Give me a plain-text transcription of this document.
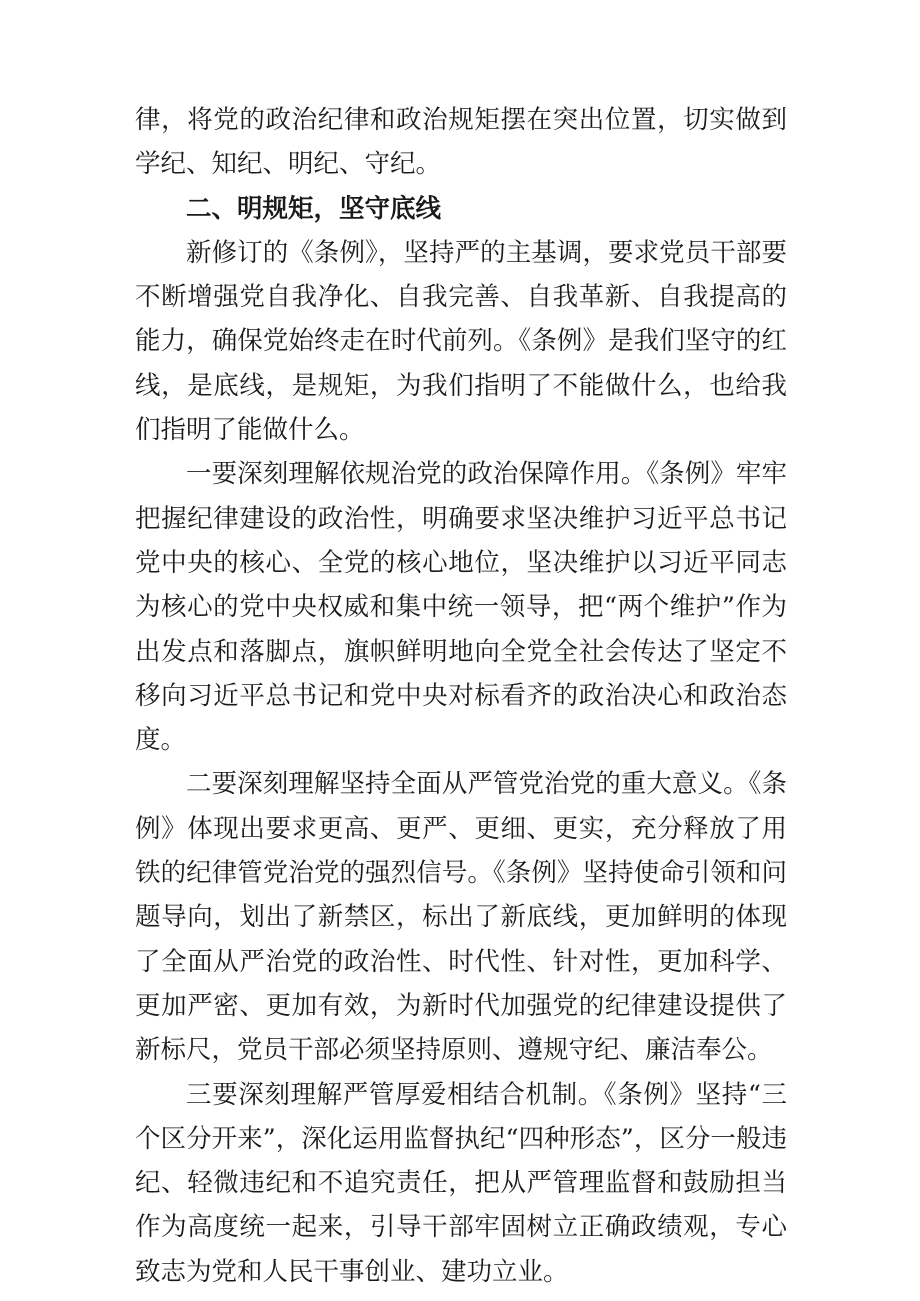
律，将党的政治纪律和政治规矩摆在突出位置，切实做到学纪、知纪、明纪、守纪。

二、明规矩，坚守底线

新修订的《条例》，坚持严的主基调，要求党员干部要不断增强党自我净化、自我完善、自我革新、自我提高的能力，确保党始终走在时代前列。《条例》是我们坚守的红线，是底线，是规矩，为我们指明了不能做什么，也给我们指明了能做什么。

一要深刻理解依规治党的政治保障作用。《条例》牢牢把握纪律建设的政治性，明确要求坚决维护习近平总书记党中央的核心、全党的核心地位，坚决维护以习近平同志为核心的党中央权威和集中统一领导，把“两个维护”作为出发点和落脚点，旗帜鲜明地向全党全社会传达了坚定不移向习近平总书记和党中央对标看齐的政治决心和政治态度。

二要深刻理解坚持全面从严管党治党的重大意义。《条例》体现出要求更高、更严、更细、更实，充分释放了用铁的纪律管党治党的强烈信号。《条例》坚持使命引领和问题导向，划出了新禁区，标出了新底线，更加鲜明的体现了全面从严治党的政治性、时代性、针对性，更加科学、更加严密、更加有效，为新时代加强党的纪律建设提供了新标尺，党员干部必须坚持原则、遵规守纪、廉洁奉公。

三要深刻理解严管厚爱相结合机制。《条例》坚持“三个区分开来”，深化运用监督执纪“四种形态”，区分一般违纪、轻微违纪和不追究责任，把从严管理监督和鼓励担当作为高度统一起来，引导干部牢固树立正确政绩观，专心致志为党和人民干事创业、建功立业。
